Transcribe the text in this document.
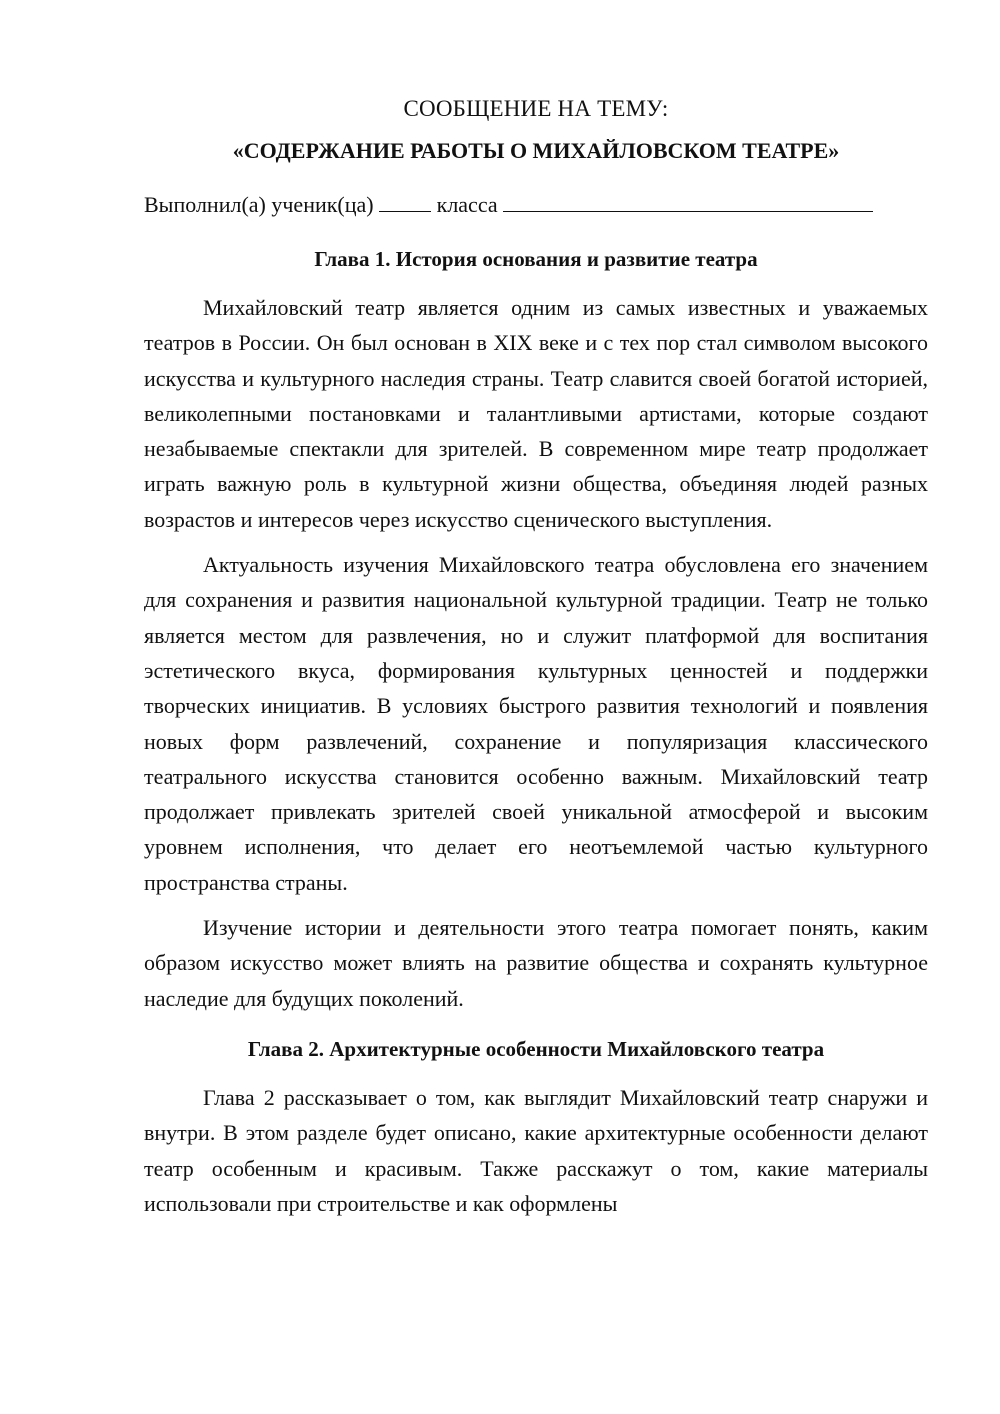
СООБЩЕНИЕ НА ТЕМУ:
«СОДЕРЖАНИЕ РАБОТЫ О МИХАЙЛОВСКОМ ТЕАТРЕ»
Выполнил(а) ученик(ца)	класса
Глава 1. История основания и развитие театра

Михайловский театр является одним из самых известных и уважаемых театров в России. Он был основан в XIX веке и с тех пор стал символом высокого искусства и культурного наследия страны. Театр славится своей богатой историей, великолепными постановками и талантливыми артистами, которые создают незабываемые спектакли для зрителей. В современном мире театр продолжает играть важную роль в культурной жизни общества, объединяя людей разных возрастов и интересов через искусство сценического выступления.

Актуальность изучения Михайловского театра обусловлена его значением для сохранения и развития национальной культурной традиции. Театр не только является местом для развлечения, но и служит платформой для воспитания эстетического вкуса, формирования культурных ценностей и поддержки творческих инициатив. В условиях быстрого развития технологий и появления новых форм развлечений, сохранение и популяризация классического театрального искусства становится особенно важным. Михайловский театр продолжает привлекать зрителей своей уникальной атмосферой и высоким уровнем исполнения, что делает его неотъемлемой частью культурного пространства страны.

Изучение истории и деятельности этого театра помогает понять, каким образом искусство может влиять на развитие общества и сохранять культурное наследие для будущих поколений.

Глава 2. Архитектурные особенности Михайловского театра

Глава 2 рассказывает о том, как выглядит Михайловский театр снаружи и внутри. В этом разделе будет описано, какие архитектурные особенности делают театр особенным и красивым. Также расскажут о том, какие материалы использовали при строительстве и как оформлены
